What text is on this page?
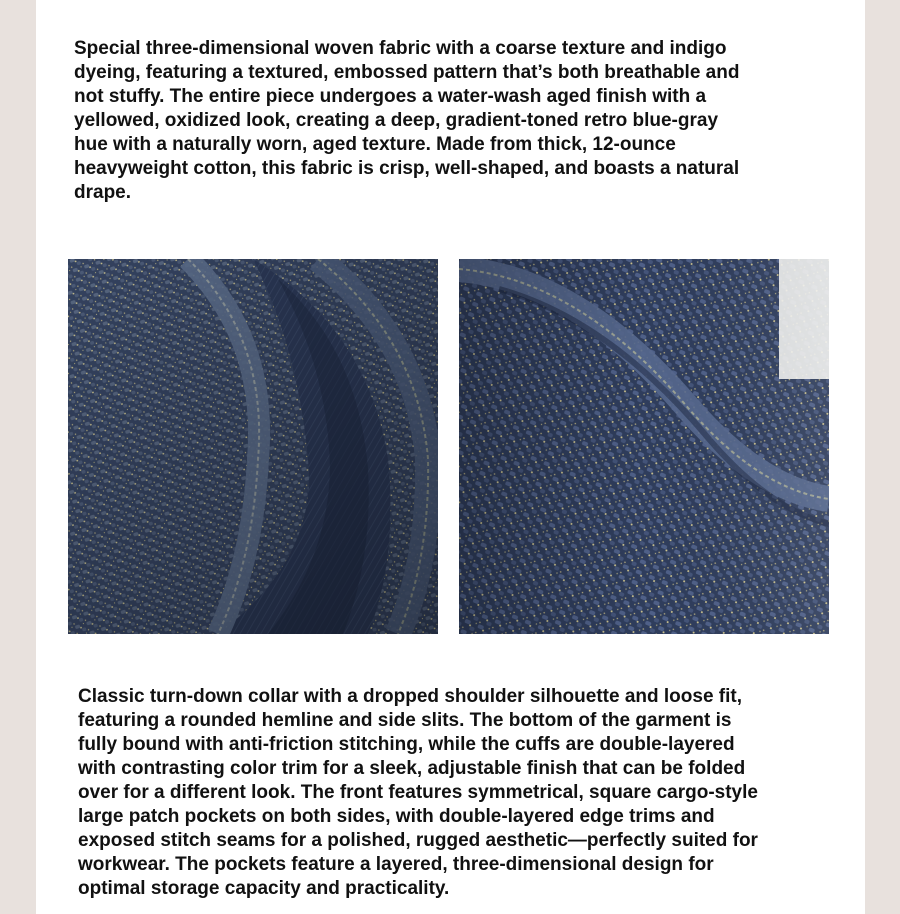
Special three-dimensional woven fabric with a coarse texture and indigo
dyeing, featuring a textured, embossed pattern that’s both breathable and
not stuffy. The entire piece undergoes a water-wash aged finish with a
yellowed, oxidized look, creating a deep, gradient-toned retro blue-gray
hue with a naturally worn, aged texture. Made from thick, 12-ounce
heavyweight cotton, this fabric is crisp, well-shaped, and boasts a natural
drape.

Classic turn-down collar with a dropped shoulder silhouette and loose fit,
featuring a rounded hemline and side slits. The bottom of the garment is
fully bound with anti-friction stitching, while the cuffs are double-layered
with contrasting color trim for a sleek, adjustable finish that can be folded
over for a different look. The front features symmetrical, square cargo-style
large patch pockets on both sides, with double-layered edge trims and
exposed stitch seams for a polished, rugged aesthetic—perfectly suited for
workwear. The pockets feature a layered, three-dimensional design for
optimal storage capacity and practicality.
